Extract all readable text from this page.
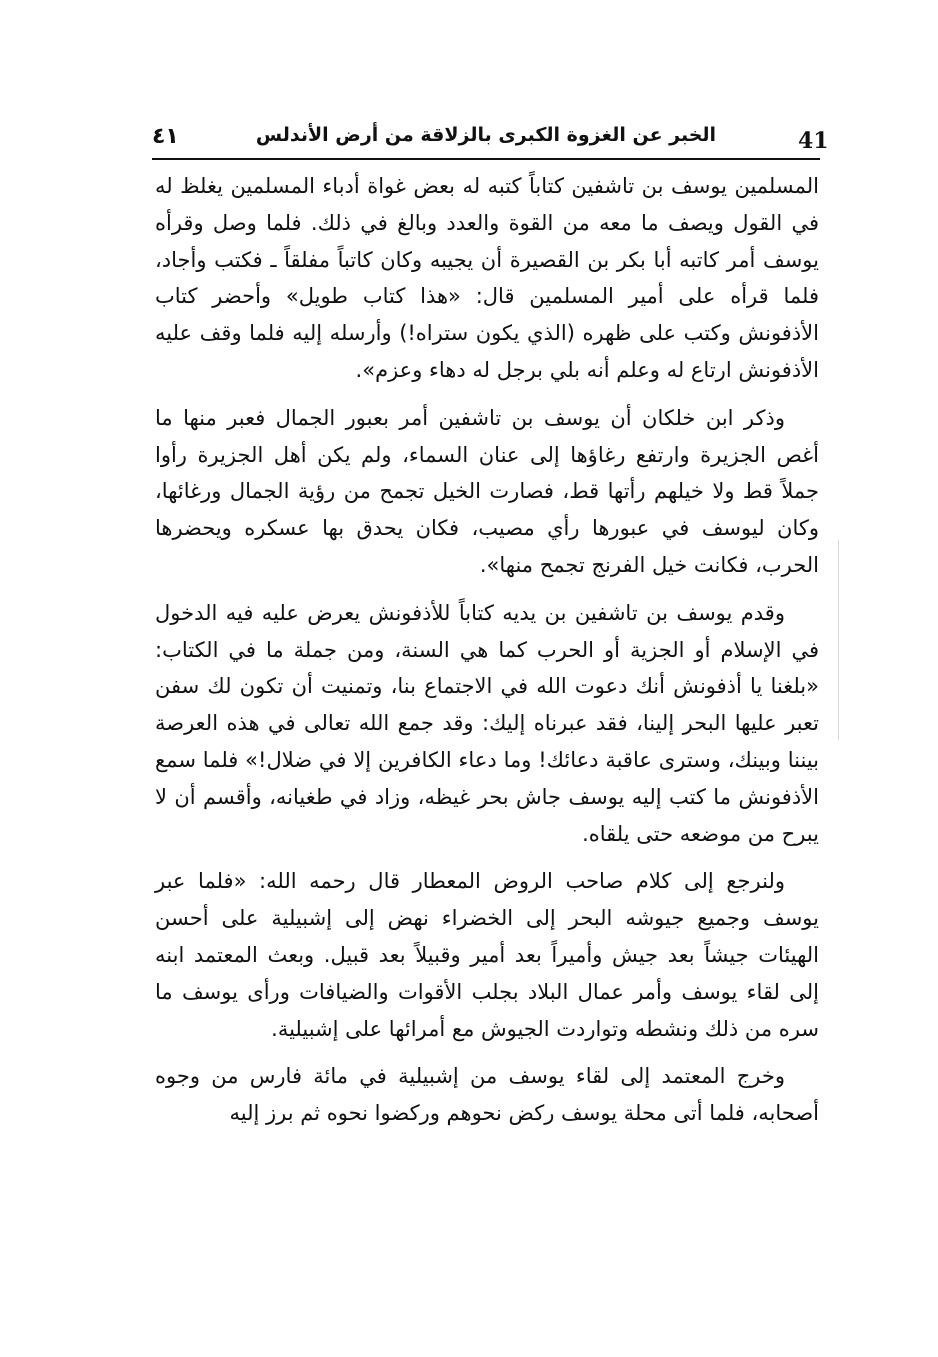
41
الخبر عن الغزوة الكبرى بالزلاقة من أرض الأندلس
٤١

المسلمين يوسف بن تاشفين كتاباً كتبه له بعض غواة أدباء المسلمين يغلظ له في القول ويصف ما معه من القوة والعدد وبالغ في ذلك. فلما وصل وقرأه يوسف أمر كاتبه أبا بكر بن القصيرة أن يجيبه وكان كاتباً مفلقاً ـ فكتب وأجاد، فلما قرأه على أمير المسلمين قال: «هذا كتاب طويل» وأحضر كتاب الأذفونش وكتب على ظهره (الذي يكون ستراه!) وأرسله إليه فلما وقف عليه الأذفونش ارتاع له وعلم أنه بلي برجل له دهاء وعزم».

وذكر ابن خلكان أن يوسف بن تاشفين أمر بعبور الجمال فعبر منها ما أغص الجزيرة وارتفع رغاؤها إلى عنان السماء، ولم يكن أهل الجزيرة رأوا جملاً قط ولا خيلهم رأتها قط، فصارت الخيل تجمح من رؤية الجمال ورغائها، وكان ليوسف في عبورها رأي مصيب، فكان يحدق بها عسكره ويحضرها الحرب، فكانت خيل الفرنج تجمح منها».

وقدم يوسف بن تاشفين بن يديه كتاباً للأذفونش يعرض عليه فيه الدخول في الإسلام أو الجزية أو الحرب كما هي السنة، ومن جملة ما في الكتاب: «بلغنا يا أذفونش أنك دعوت الله في الاجتماع بنا، وتمنيت أن تكون لك سفن تعبر عليها البحر إلينا، فقد عبرناه إليك: وقد جمع الله تعالى في هذه العرصة بيننا وبينك، وسترى عاقبة دعائك! وما دعاء الكافرين إلا في ضلال!» فلما سمع الأذفونش ما كتب إليه يوسف جاش بحر غيظه، وزاد في طغيانه، وأقسم أن لا يبرح من موضعه حتى يلقاه.

ولنرجع إلى كلام صاحب الروض المعطار قال رحمه الله: «فلما عبر يوسف وجميع جيوشه البحر إلى الخضراء نهض إلى إشبيلية على أحسن الهيئات جيشاً بعد جيش وأميراً بعد أمير وقبيلاً بعد قبيل. وبعث المعتمد ابنه إلى لقاء يوسف وأمر عمال البلاد بجلب الأقوات والضيافات ورأى يوسف ما سره من ذلك ونشطه وتواردت الجيوش مع أمرائها على إشبيلية.

وخرج المعتمد إلى لقاء يوسف من إشبيلية في مائة فارس من وجوه أصحابه، فلما أتى محلة يوسف ركض نحوهم وركضوا نحوه ثم برز إليه
